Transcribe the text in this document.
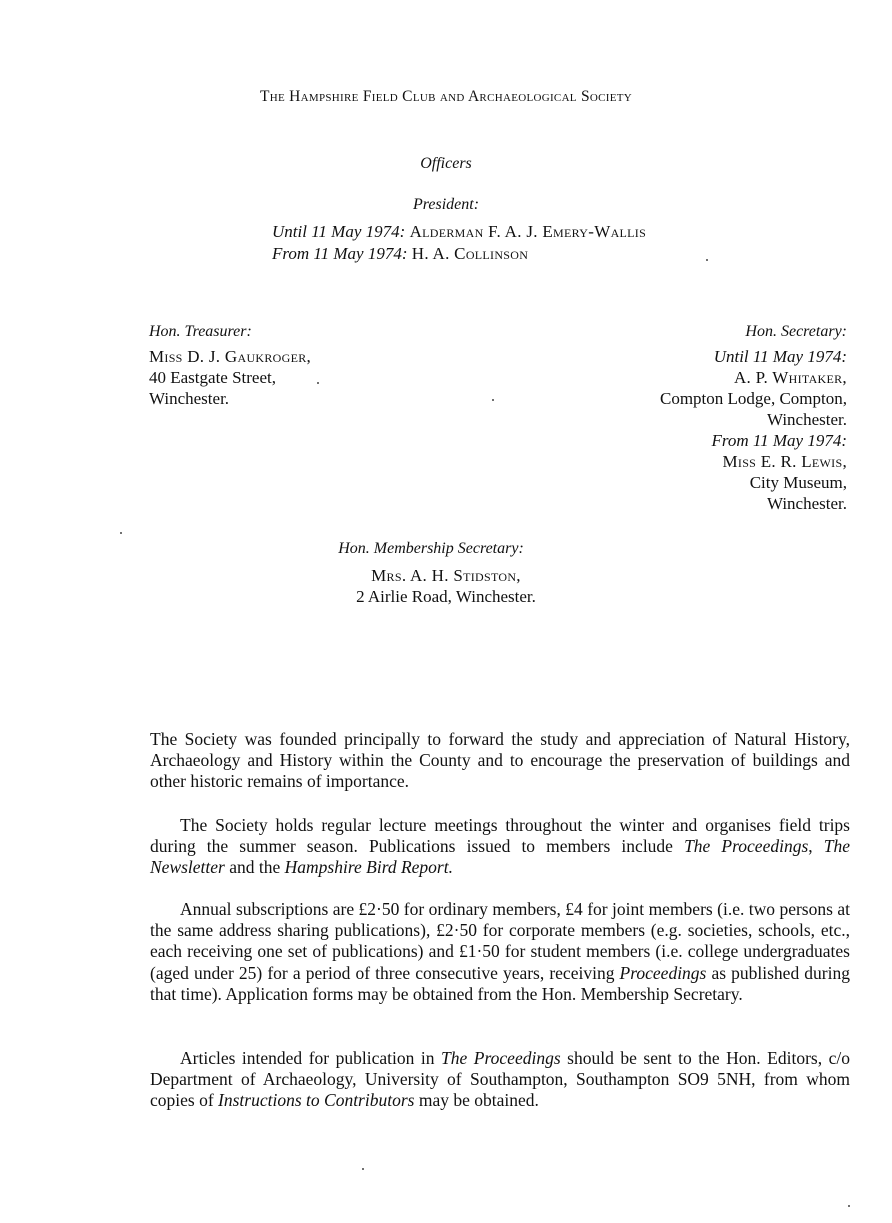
The Hampshire Field Club and Archaeological Society
Officers
President:
Until 11 May 1974: Alderman F. A. J. Emery-Wallis
From 11 May 1974: H. A. Collinson
Hon. Treasurer:
Miss D. J. Gaukroger,
40 Eastgate Street,
Winchester.
Hon. Secretary:
Until 11 May 1974:
A. P. Whitaker,
Compton Lodge, Compton,
Winchester.
From 11 May 1974:
Miss E. R. Lewis,
City Museum,
Winchester.
Hon. Membership Secretary:
Mrs. A. H. Stidston,
2 Airlie Road, Winchester.
The Society was founded principally to forward the study and appreciation of Natural History, Archaeology and History within the County and to encourage the preservation of buildings and other historic remains of importance.
The Society holds regular lecture meetings throughout the winter and organises field trips during the summer season. Publications issued to members include The Proceedings, The Newsletter and the Hampshire Bird Report.
Annual subscriptions are £2·50 for ordinary members, £4 for joint members (i.e. two persons at the same address sharing publications), £2·50 for corporate members (e.g. societies, schools, etc., each receiving one set of publications) and £1·50 for student members (i.e. college undergraduates (aged under 25) for a period of three consecutive years, receiving Proceedings as published during that time). Application forms may be obtained from the Hon. Membership Secretary.
Articles intended for publication in The Proceedings should be sent to the Hon. Editors, c/o Department of Archaeology, University of Southampton, Southampton SO9 5NH, from whom copies of Instructions to Contributors may be obtained.
